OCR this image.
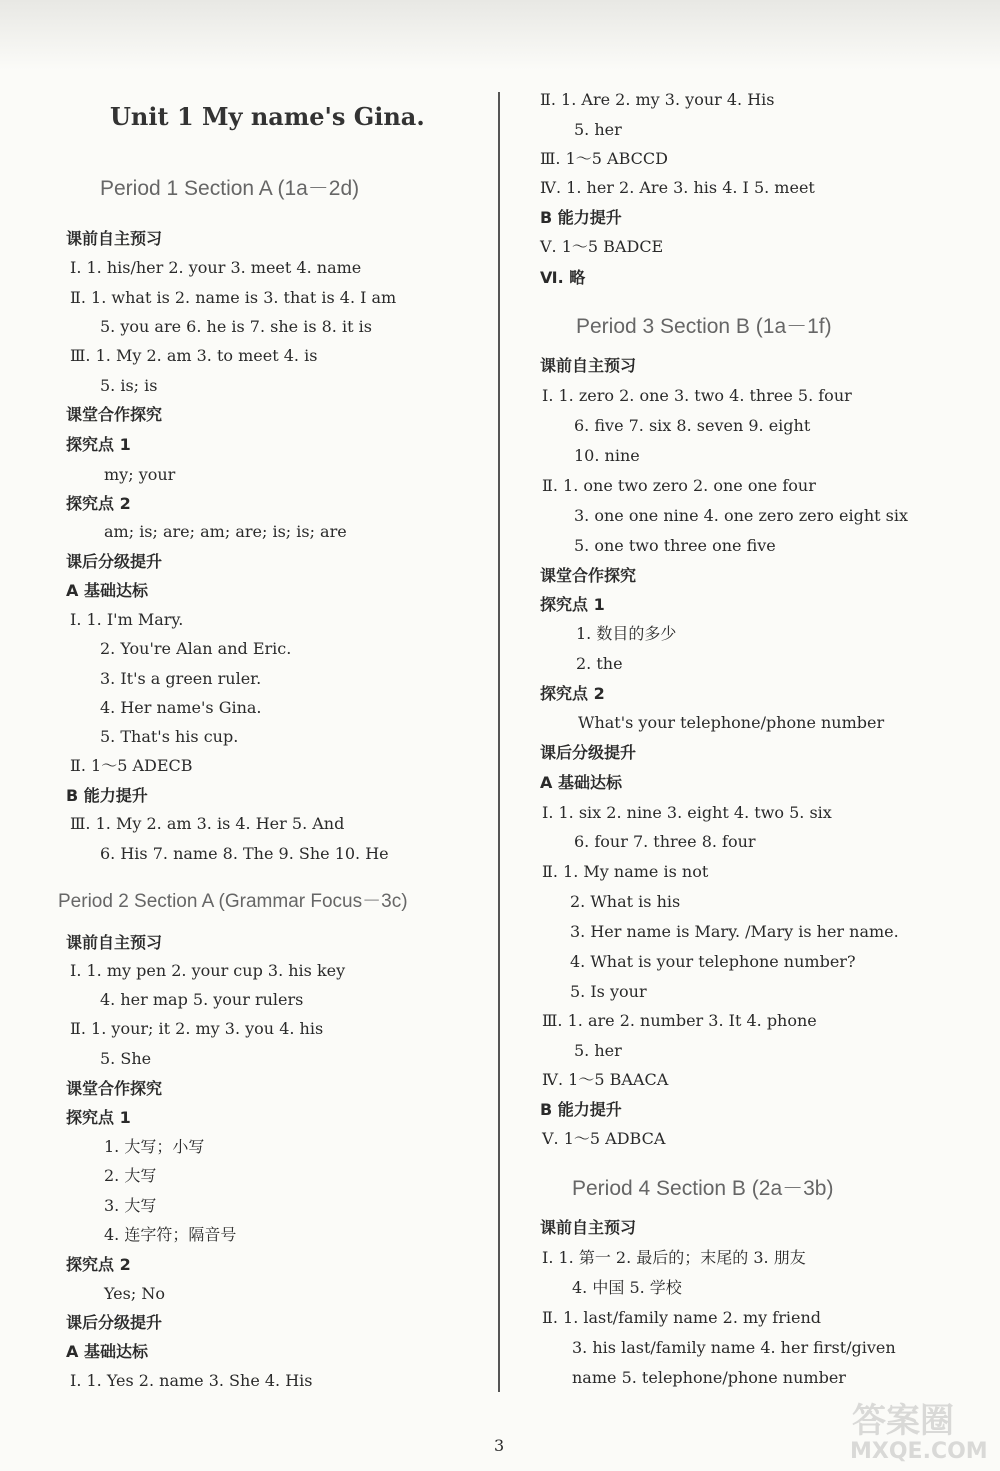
Unit 1 My name's Gina.
Period 1 Section A (1a－2d)
课前自主预习
Ⅰ. 1. his/her 2. your 3. meet 4. name
Ⅱ. 1. what is 2. name is 3. that is 4. I am
5. you are 6. he is 7. she is 8. it is
Ⅲ. 1. My 2. am 3. to meet 4. is
5. is; is
课堂合作探究
探究点 1
my; your
探究点 2
am; is; are; am; are; is; is; are
课后分级提升
A 基础达标
Ⅰ. 1. I'm Mary.
2. You're Alan and Eric.
3. It's a green ruler.
4. Her name's Gina.
5. That's his cup.
Ⅱ. 1～5 ADECB
B 能力提升
Ⅲ. 1. My 2. am 3. is 4. Her 5. And
6. His 7. name 8. The 9. She 10. He
Period 2 Section A (Grammar Focus－3c)
课前自主预习
Ⅰ. 1. my pen 2. your cup 3. his key
4. her map 5. your rulers
Ⅱ. 1. your; it 2. my 3. you 4. his
5. She
课堂合作探究
探究点 1
1. 大写；小写
2. 大写
3. 大写
4. 连字符；隔音号
探究点 2
Yes; No
课后分级提升
A 基础达标
Ⅰ. 1. Yes 2. name 3. She 4. His
Ⅱ. 1. Are 2. my 3. your 4. His
5. her
Ⅲ. 1～5 ABCCD
Ⅳ. 1. her 2. Are 3. his 4. I 5. meet
B 能力提升
Ⅴ. 1～5 BADCE
Ⅵ. 略
Period 3 Section B (1a－1f)
课前自主预习
Ⅰ. 1. zero 2. one 3. two 4. three 5. four
6. five 7. six 8. seven 9. eight
10. nine
Ⅱ. 1. one two zero 2. one one four
3. one one nine 4. one zero zero eight six
5. one two three one five
课堂合作探究
探究点 1
1. 数目的多少
2. the
探究点 2
What's your telephone/phone number
课后分级提升
A 基础达标
Ⅰ. 1. six 2. nine 3. eight 4. two 5. six
6. four 7. three 8. four
Ⅱ. 1. My name is not
2. What is his
3. Her name is Mary. /Mary is her name.
4. What is your telephone number?
5. Is your
Ⅲ. 1. are 2. number 3. It 4. phone
5. her
Ⅳ. 1～5 BAACA
B 能力提升
Ⅴ. 1～5 ADBCA
Period 4 Section B (2a－3b)
课前自主预习
Ⅰ. 1. 第一 2. 最后的；末尾的 3. 朋友
4. 中国 5. 学校
Ⅱ. 1. last/family name 2. my friend
3. his last/family name 4. her first/given
name 5. telephone/phone number
3
答案圈
MXQE.COM
